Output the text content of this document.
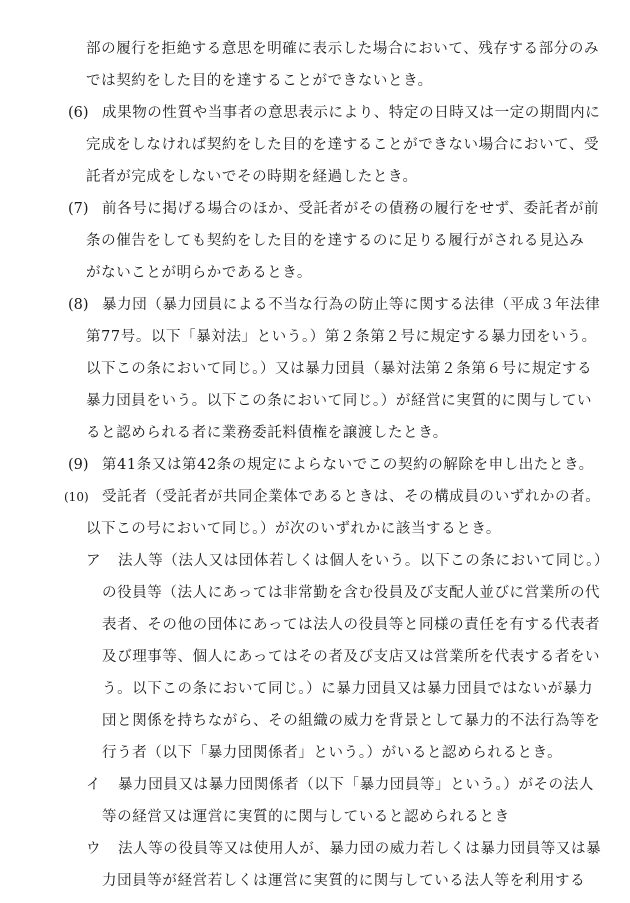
部の履行を拒絶する意思を明確に表示した場合において、残存する部分のみ
では契約をした目的を達することができないとき。
(6) 成果物の性質や当事者の意思表示により、特定の日時又は一定の期間内に
完成をしなければ契約をした目的を達することができない場合において、受
託者が完成をしないでその時期を経過したとき。
(7) 前各号に掲げる場合のほか、受託者がその債務の履行をせず、委託者が前
条の催告をしても契約をした目的を達するのに足りる履行がされる見込み
がないことが明らかであるとき。
(8) 暴力団（暴力団員による不当な行為の防止等に関する法律（平成３年法律
第77号。以下「暴対法」という。）第２条第２号に規定する暴力団をいう。
以下この条において同じ。）又は暴力団員（暴対法第２条第６号に規定する
暴力団員をいう。以下この条において同じ。）が経営に実質的に関与してい
ると認められる者に業務委託料債権を譲渡したとき。
(9) 第41条又は第42条の規定によらないでこの契約の解除を申し出たとき。
(10) 受託者（受託者が共同企業体であるときは、その構成員のいずれかの者。
以下この号において同じ。）が次のいずれかに該当するとき。
ア 法人等（法人又は団体若しくは個人をいう。以下この条において同じ。）
の役員等（法人にあっては非常勤を含む役員及び支配人並びに営業所の代
表者、その他の団体にあっては法人の役員等と同様の責任を有する代表者
及び理事等、個人にあってはその者及び支店又は営業所を代表する者をい
う。以下この条において同じ。）に暴力団員又は暴力団員ではないが暴力
団と関係を持ちながら、その組織の威力を背景として暴力的不法行為等を
行う者（以下「暴力団関係者」という。）がいると認められるとき。
イ 暴力団員又は暴力団関係者（以下「暴力団員等」という。）がその法人
等の経営又は運営に実質的に関与していると認められるとき
ウ 法人等の役員等又は使用人が、暴力団の威力若しくは暴力団員等又は暴
力団員等が経営若しくは運営に実質的に関与している法人等を利用する
